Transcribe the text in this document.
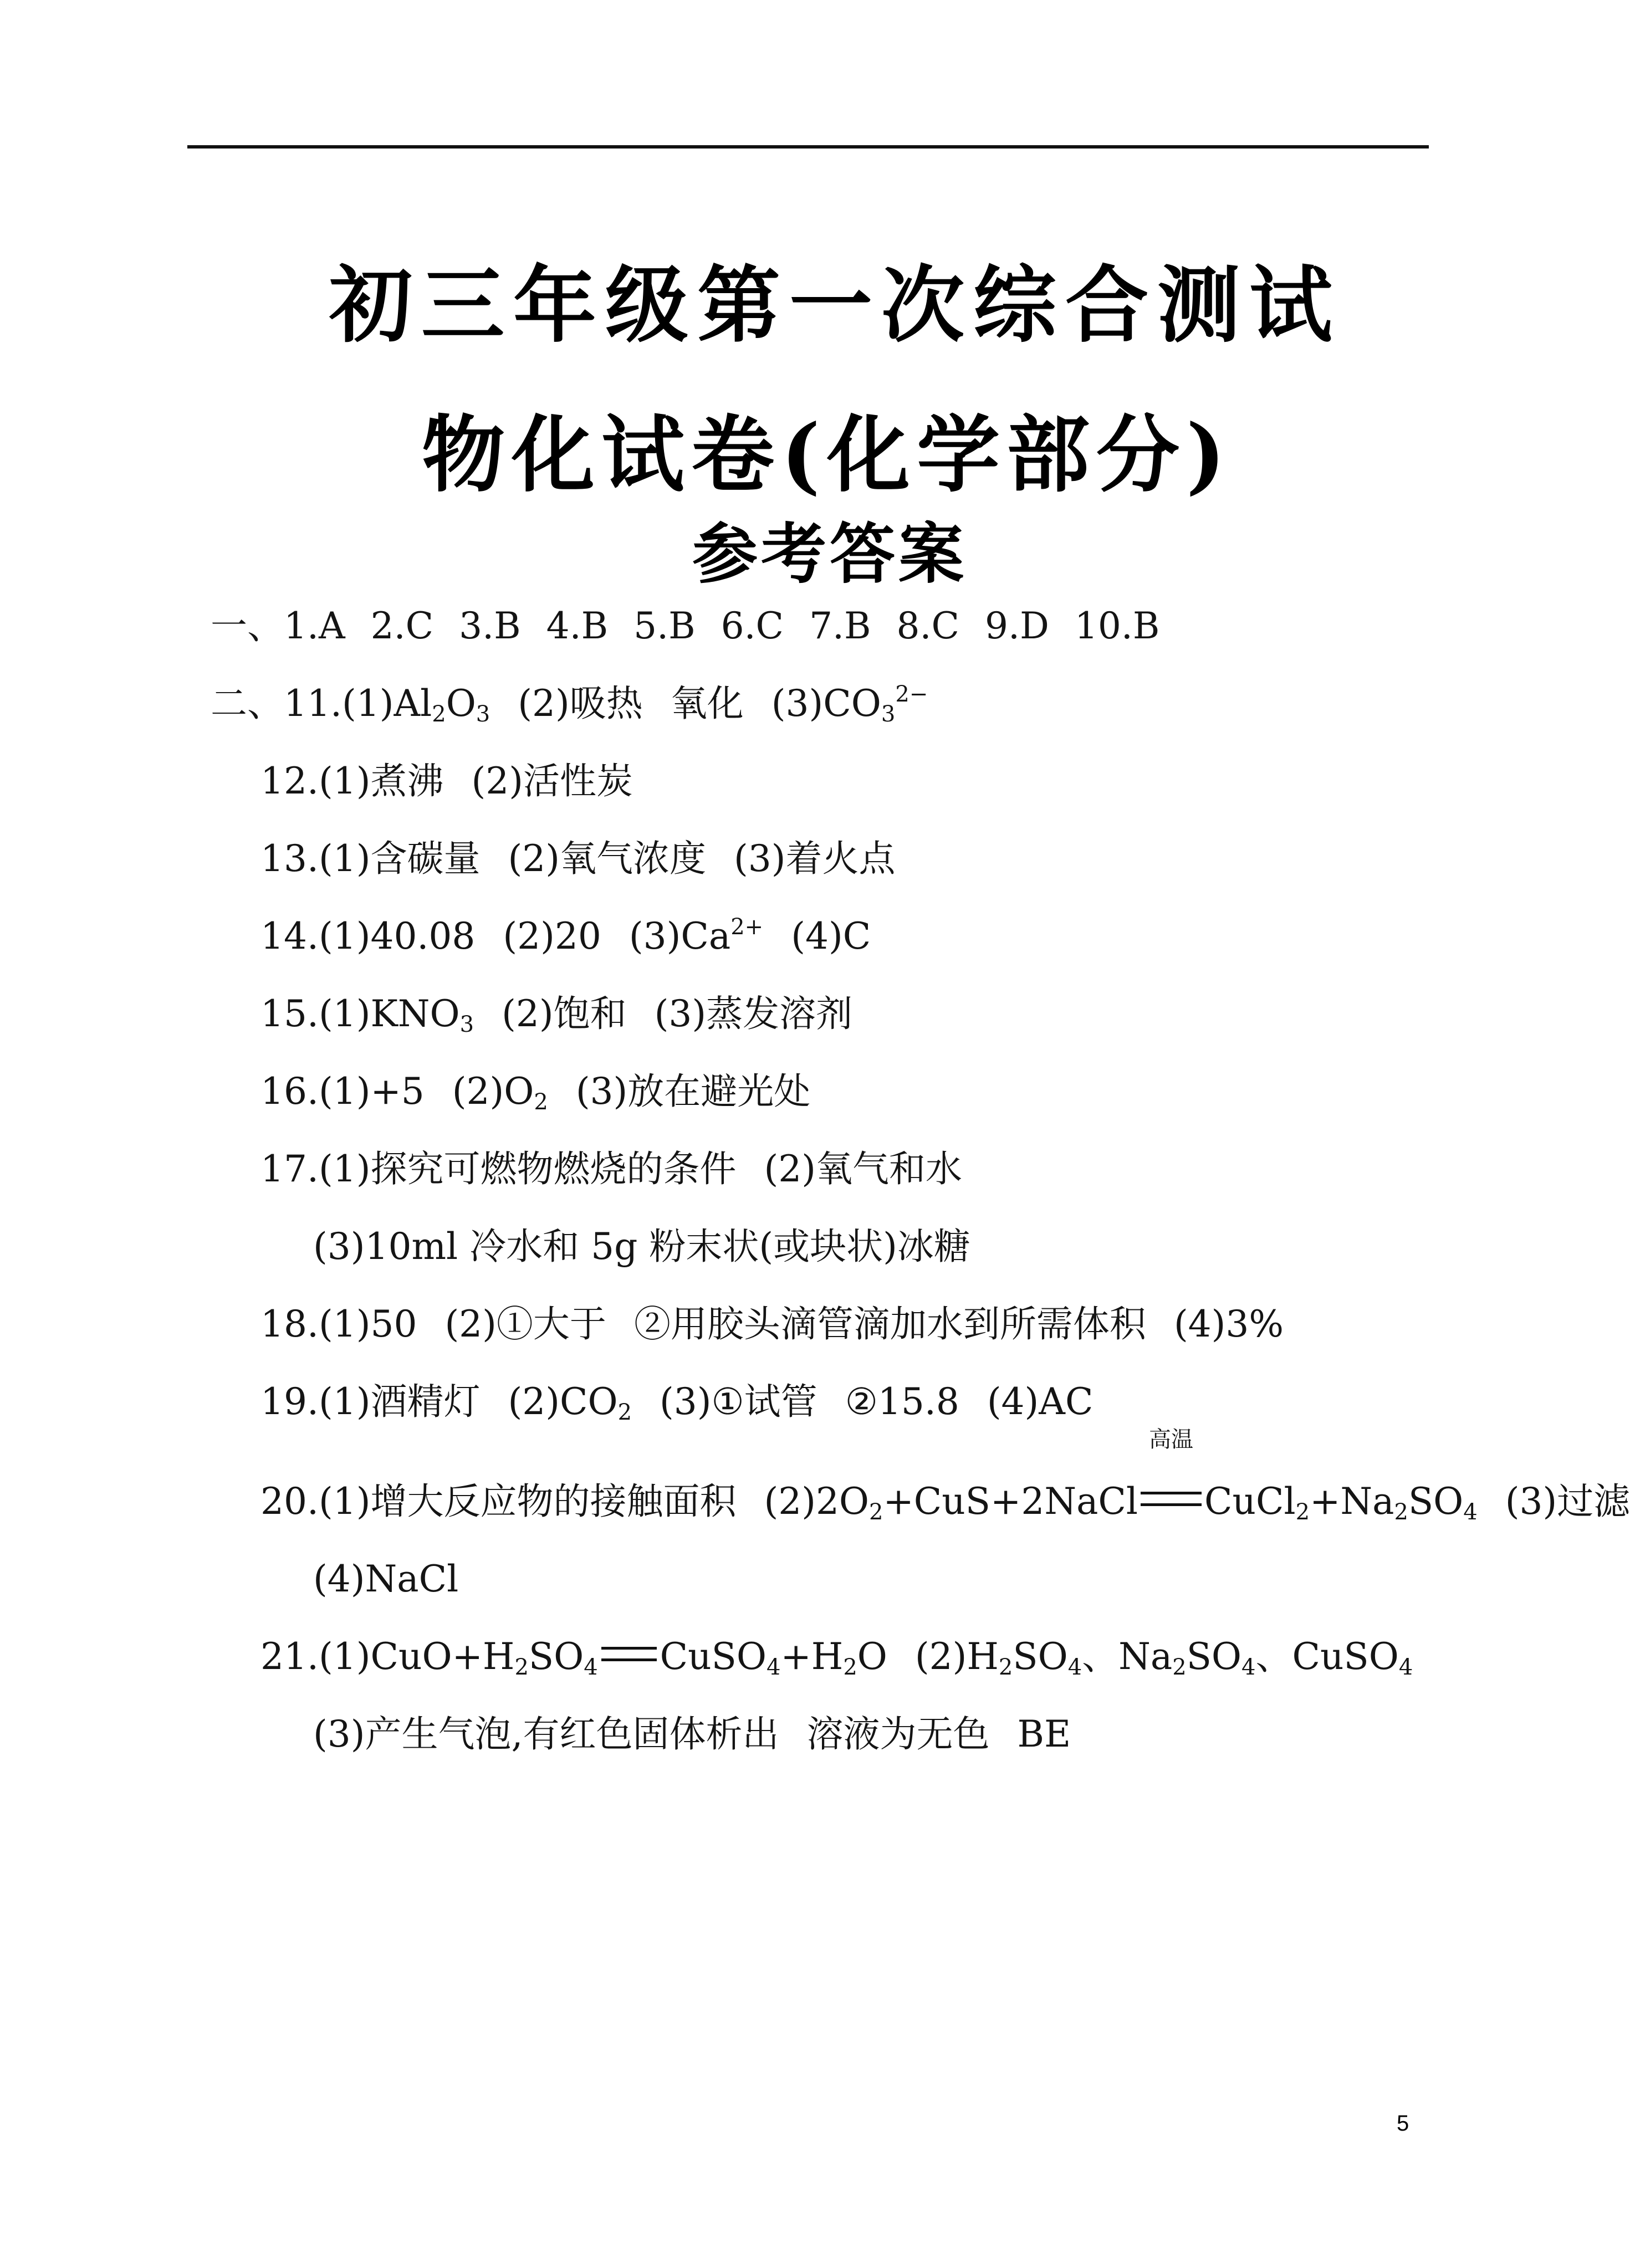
初三年级第一次综合测试
物化试卷(化学部分)
参考答案
一、1.A 2.C 3.B 4.B 5.B 6.C 7.B 8.C 9.D 10.B
二、$11.(1)Al_2O_3$ (2)吸热 氧化 $(3)CO_3^{2-}$
12.(1)煮沸 (2)活性炭
13.(1)含碳量 (2)氧气浓度 (3)着火点
14.(1)40.08 (2)20 $(3)Ca^{2+}$ (4)C
$15.(1)KNO_3$ (2)饱和 (3)蒸发溶剂
16.(1)+5 $(2)O_2$ (3)放在避光处
17.(1)探究可燃物燃烧的条件 (2)氧气和水
(3)10ml 冷水和 5g 粉末状(或块状)冰糖
18.(1)50 (2)①大于 ②用胶头滴管滴加水到所需体积 (4)3%
19.(1)酒精灯 $(2)CO_2$ (3)①试管 ②15.8 (4)AC
20.(1)增大反应物的接触面积 $(2)2O_2+CuS+2NaCl$
高温
$CuCl_2+Na_2SO_4$ (3)过滤
(4)NaCl
$21.(1)CuO+H_2SO_4$ $CuSO_4+H_2O$ $(2)H_2SO_4$、$Na_2SO_4$、CuSO$_4$
(3)产生气泡,有红色固体析出 溶液为无色 BE
5
